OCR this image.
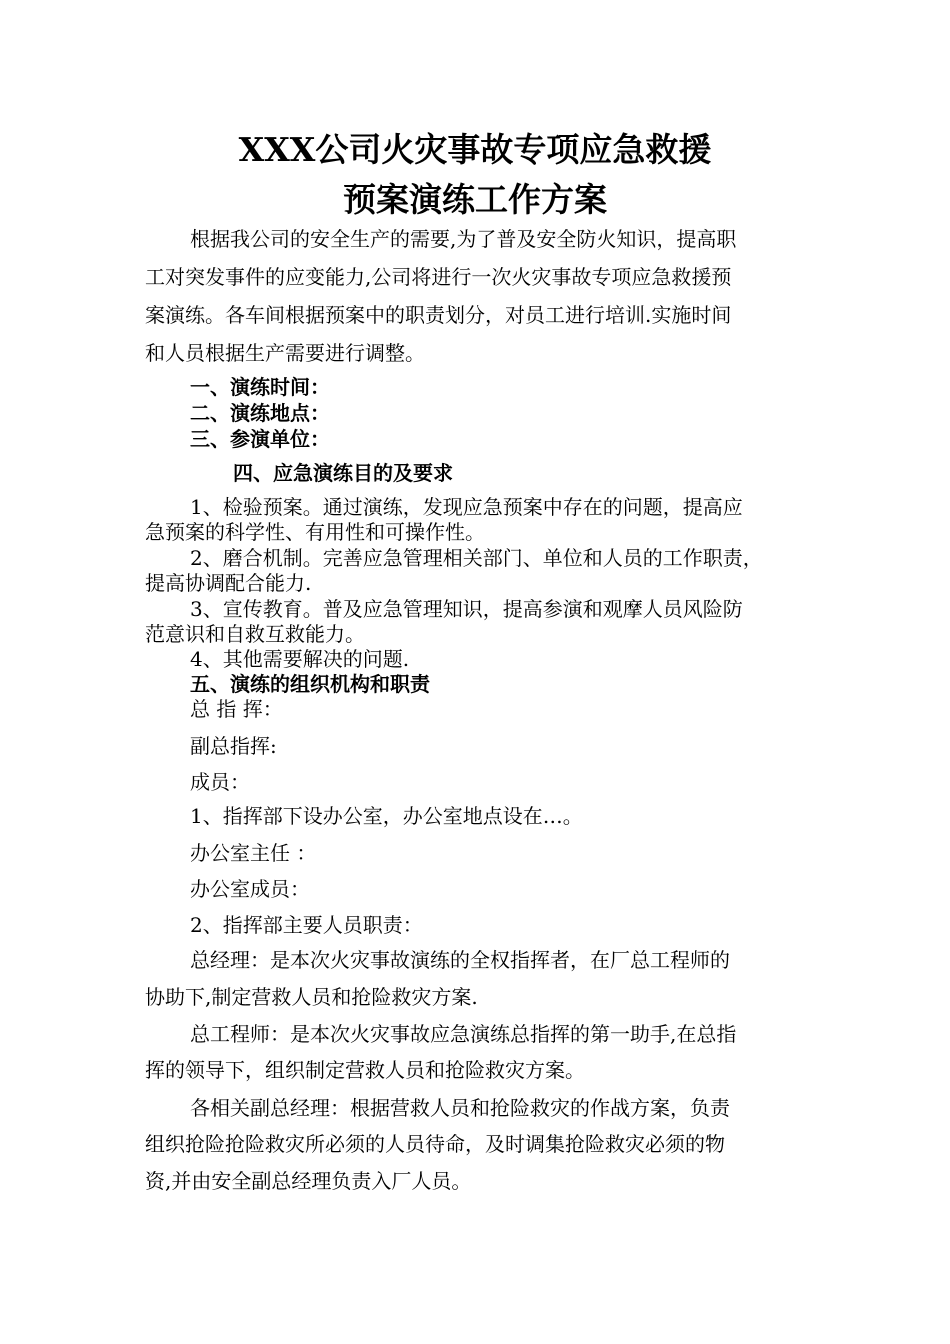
XXX公司火灾事故专项应急救援

预案演练工作方案

根据我公司的安全生产的需要,为了普及安全防火知识，提高职

工对突发事件的应变能力,公司将进行一次火灾事故专项应急救援预

案演练。各车间根据预案中的职责划分，对员工进行培训.实施时间

和人员根据生产需要进行调整。

一、演练时间：

二、演练地点：

三、参演单位：

四、应急演练目的及要求

1、检验预案。通过演练，发现应急预案中存在的问题，提高应

急预案的科学性、有用性和可操作性。

2、磨合机制。完善应急管理相关部门、单位和人员的工作职责，

提高协调配合能力.

3、宣传教育。普及应急管理知识，提高参演和观摩人员风险防

范意识和自救互救能力。

4、其他需要解决的问题.

五、演练的组织机构和职责

总 指 挥：

副总指挥:

成员：

1、指挥部下设办公室，办公室地点设在…。

办公室主任 ：

办公室成员：

2、指挥部主要人员职责：

总经理：是本次火灾事故演练的全权指挥者，在厂总工程师的

协助下,制定营救人员和抢险救灾方案.

总工程师：是本次火灾事故应急演练总指挥的第一助手,在总指

挥的领导下，组织制定营救人员和抢险救灾方案。

各相关副总经理：根据营救人员和抢险救灾的作战方案，负责

组织抢险抢险救灾所必须的人员待命，及时调集抢险救灾必须的物

资,并由安全副总经理负责入厂人员。
